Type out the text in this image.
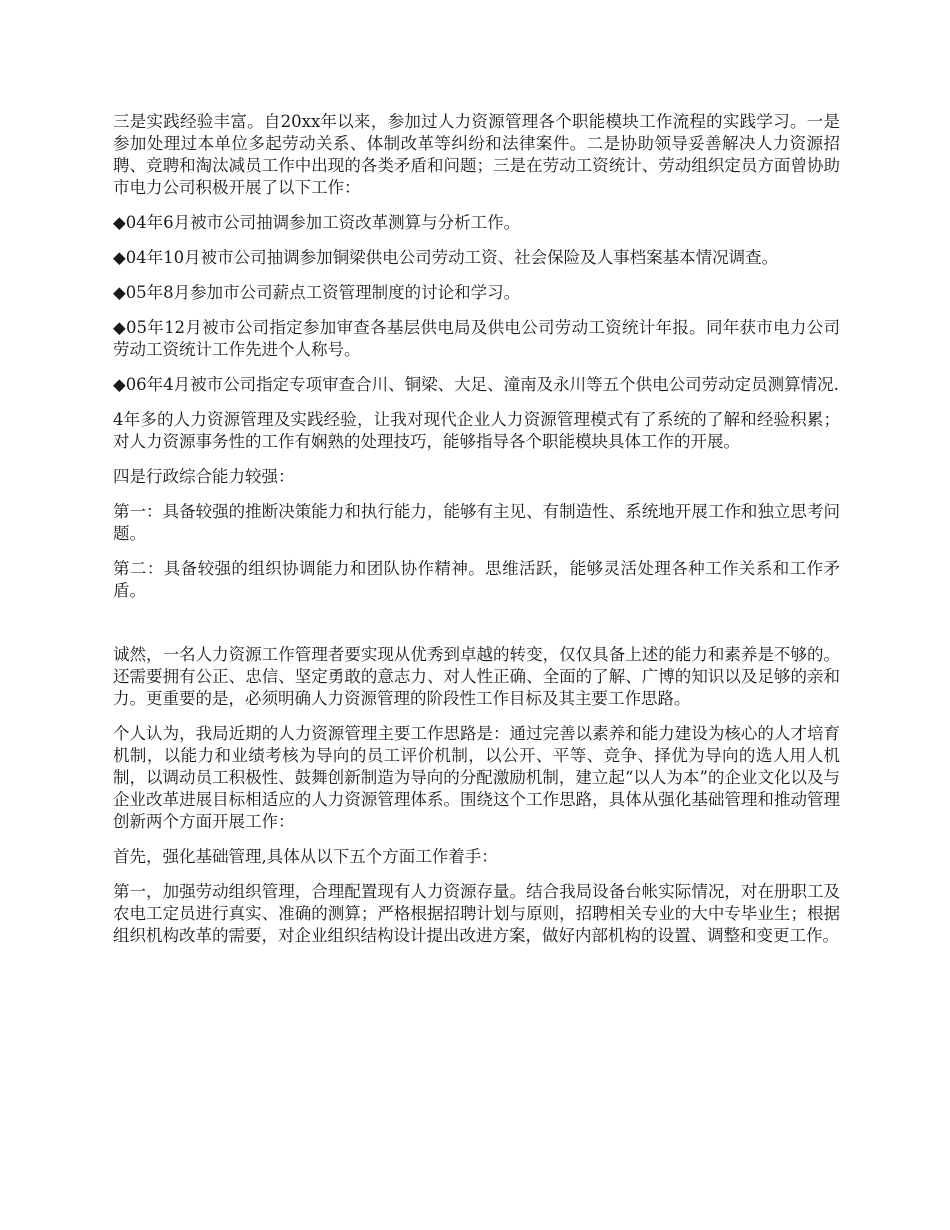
三是实践经验丰富。自20xx年以来，参加过人力资源管理各个职能模块工作流程的实践学习。一是参加处理过本单位多起劳动关系、体制改革等纠纷和法律案件。二是协助领导妥善解决人力资源招聘、竞聘和淘汰减员工作中出现的各类矛盾和问题；三是在劳动工资统计、劳动组织定员方面曾协助市电力公司积极开展了以下工作：

◆04年6月被市公司抽调参加工资改革测算与分析工作。

◆04年10月被市公司抽调参加铜梁供电公司劳动工资、社会保险及人事档案基本情况调查。

◆05年8月参加市公司薪点工资管理制度的讨论和学习。

◆05年12月被市公司指定参加审查各基层供电局及供电公司劳动工资统计年报。同年获市电力公司劳动工资统计工作先进个人称号。

◆06年4月被市公司指定专项审查合川、铜梁、大足、潼南及永川等五个供电公司劳动定员测算情况.

4年多的人力资源管理及实践经验，让我对现代企业人力资源管理模式有了系统的了解和经验积累；对人力资源事务性的工作有娴熟的处理技巧，能够指导各个职能模块具体工作的开展。

四是行政综合能力较强：

第一：具备较强的推断决策能力和执行能力，能够有主见、有制造性、系统地开展工作和独立思考问题。

第二：具备较强的组织协调能力和团队协作精神。思维活跃，能够灵活处理各种工作关系和工作矛盾。

诚然，一名人力资源工作管理者要实现从优秀到卓越的转变，仅仅具备上述的能力和素养是不够的。还需要拥有公正、忠信、坚定勇敢的意志力、对人性正确、全面的了解、广博的知识以及足够的亲和力。更重要的是，必须明确人力资源管理的阶段性工作目标及其主要工作思路。

个人认为，我局近期的人力资源管理主要工作思路是：通过完善以素养和能力建设为核心的人才培育机制，以能力和业绩考核为导向的员工评价机制，以公开、平等、竞争、择优为导向的选人用人机制，以调动员工积极性、鼓舞创新制造为导向的分配激励机制，建立起“以人为本”的企业文化以及与企业改革进展目标相适应的人力资源管理体系。围绕这个工作思路，具体从强化基础管理和推动管理创新两个方面开展工作：

首先，强化基础管理,具体从以下五个方面工作着手：

第一，加强劳动组织管理，合理配置现有人力资源存量。结合我局设备台帐实际情况，对在册职工及农电工定员进行真实、准确的测算；严格根据招聘计划与原则，招聘相关专业的大中专毕业生；根据组织机构改革的需要，对企业组织结构设计提出改进方案，做好内部机构的设置、调整和变更工作。
